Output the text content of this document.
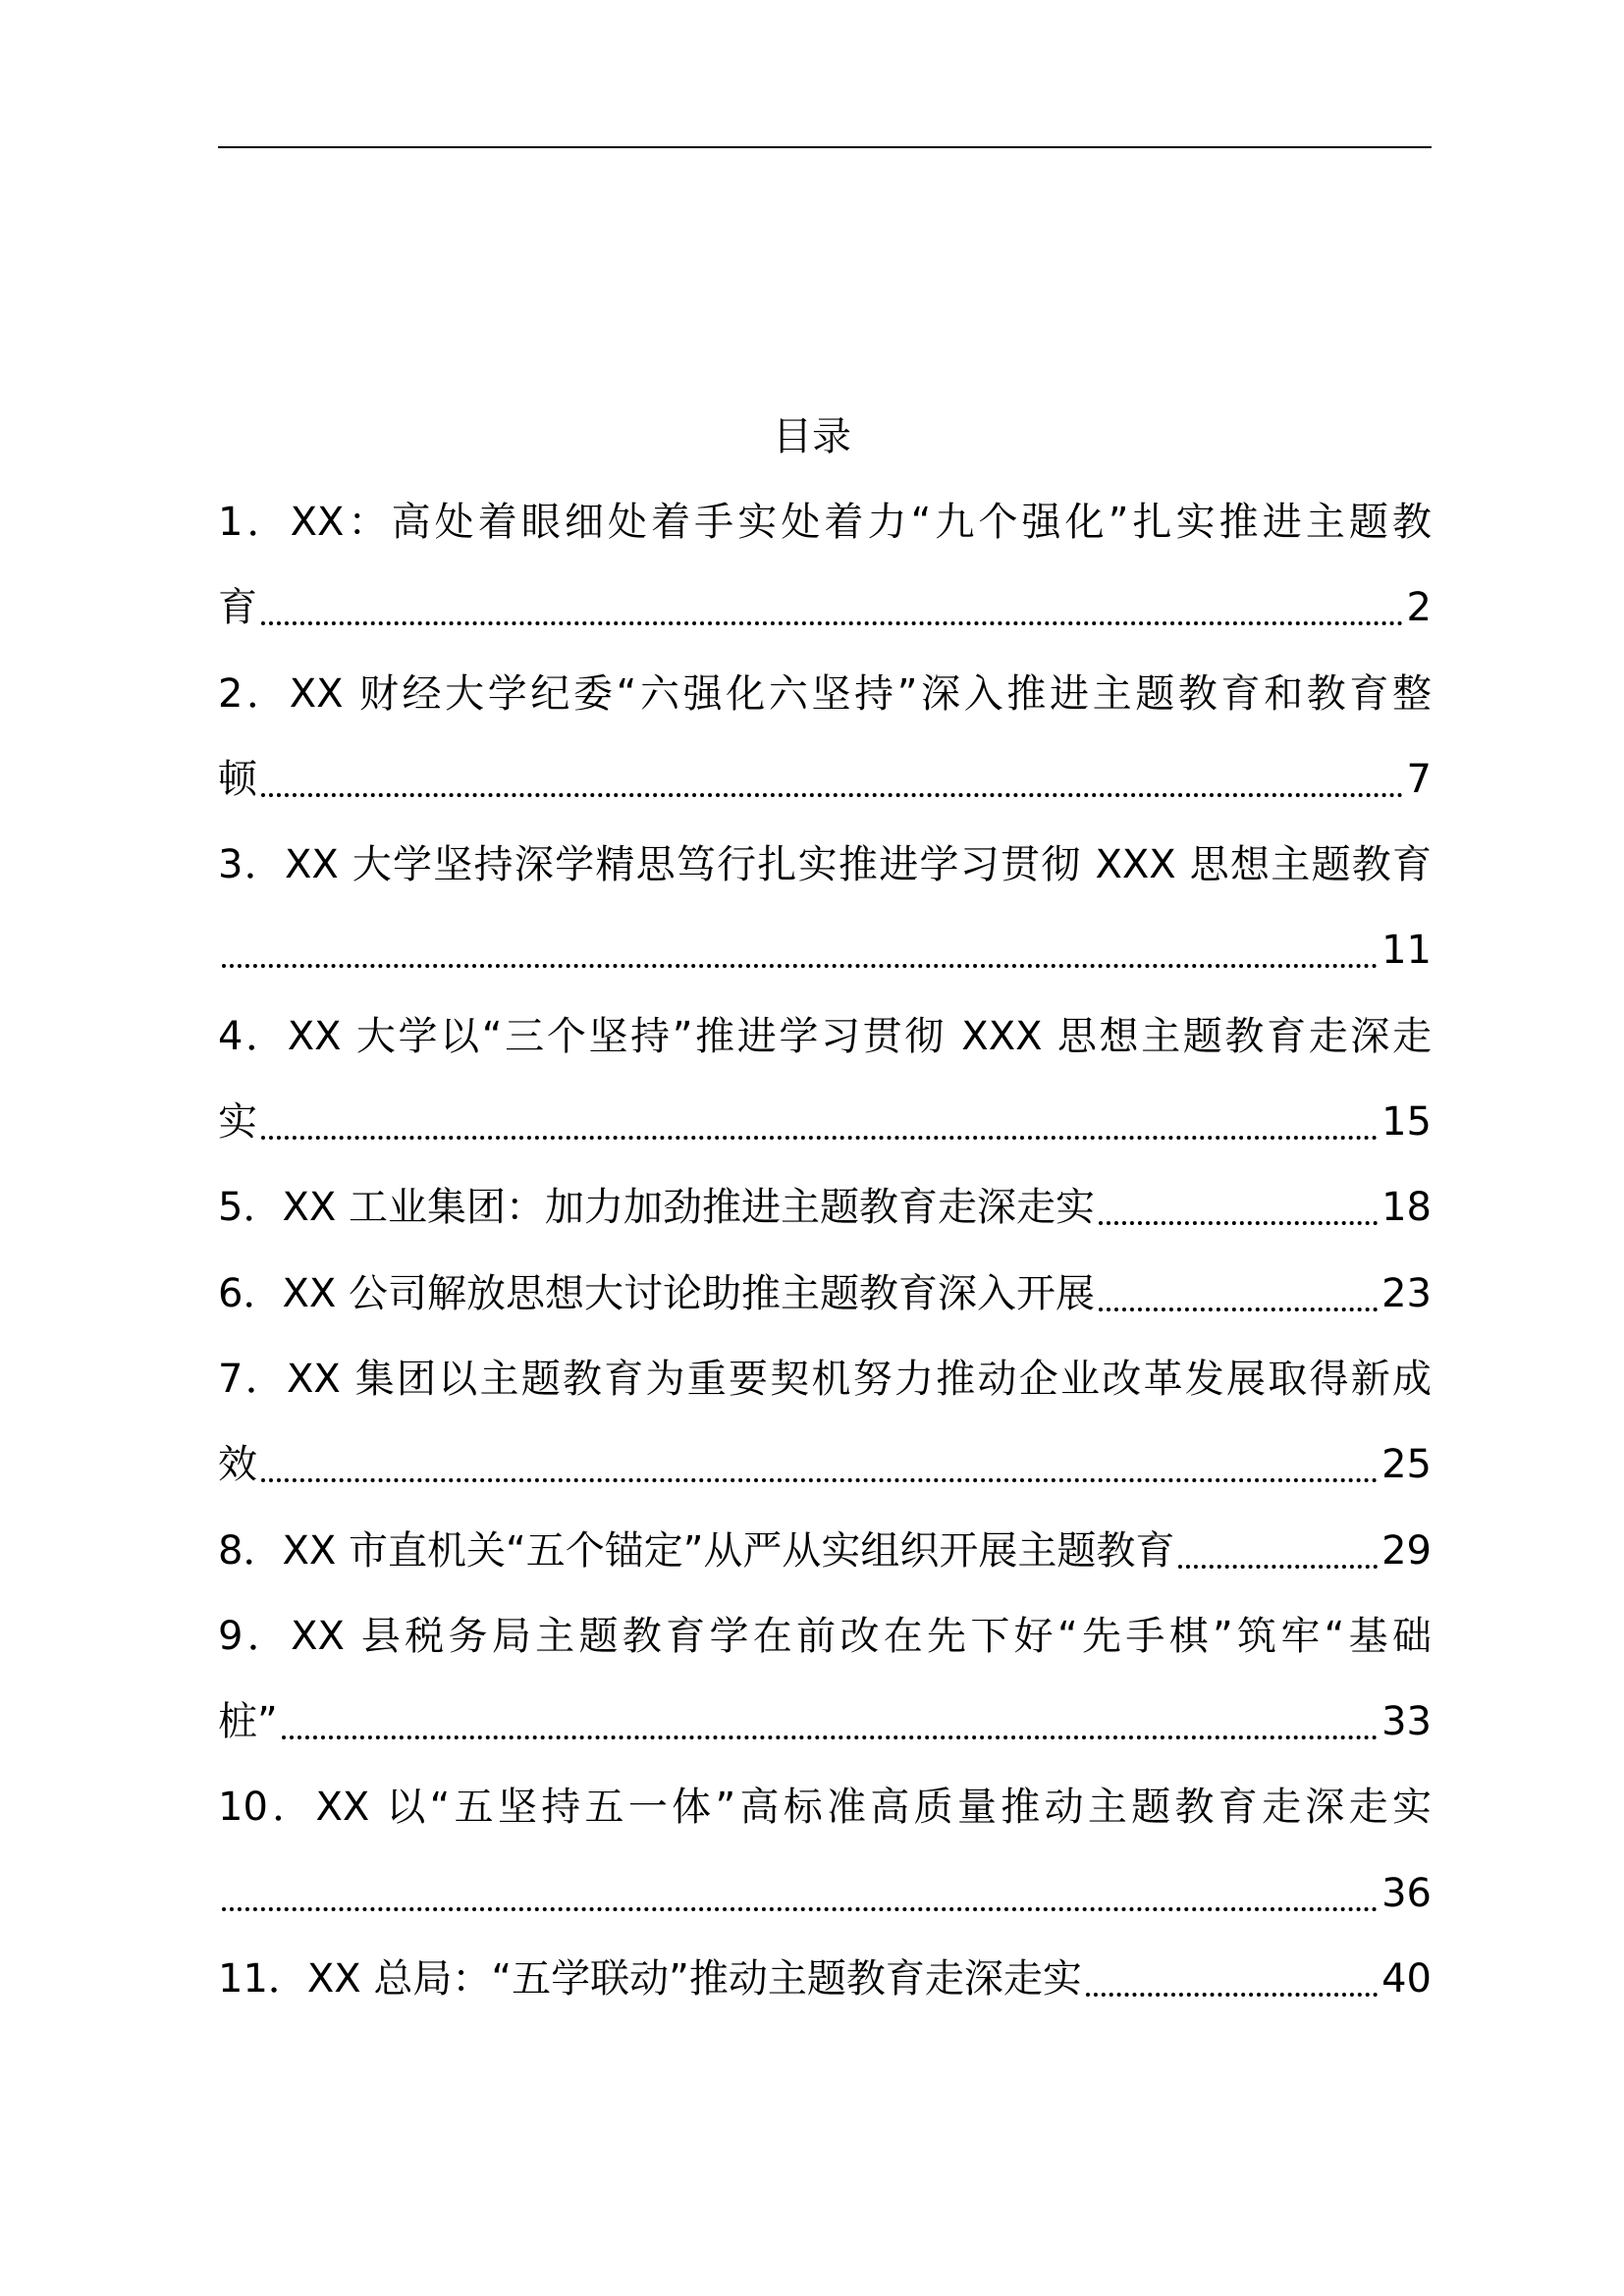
目录
1．XX：高处着眼细处着手实处着力“九个强化”扎实推进主题教
育	2
2．XX 财经大学纪委“六强化六坚持”深入推进主题教育和教育整
顿	7
3．XX 大学坚持深学精思笃行扎实推进学习贯彻 XXX 思想主题教育
11
4．XX 大学以“三个坚持”推进学习贯彻 XXX 思想主题教育走深走
实	15
5．XX 工业集团：加力加劲推进主题教育走深走实	18
6．XX 公司解放思想大讨论助推主题教育深入开展	23
7．XX 集团以主题教育为重要契机努力推动企业改革发展取得新成
效	25
8．XX 市直机关“五个锚定”从严从实组织开展主题教育	29
9．XX 县税务局主题教育学在前改在先下好“先手棋”筑牢“基础
桩”	33
10．XX 以“五坚持五一体”高标准高质量推动主题教育走深走实
36
11．XX 总局：“五学联动”推动主题教育走深走实	40
